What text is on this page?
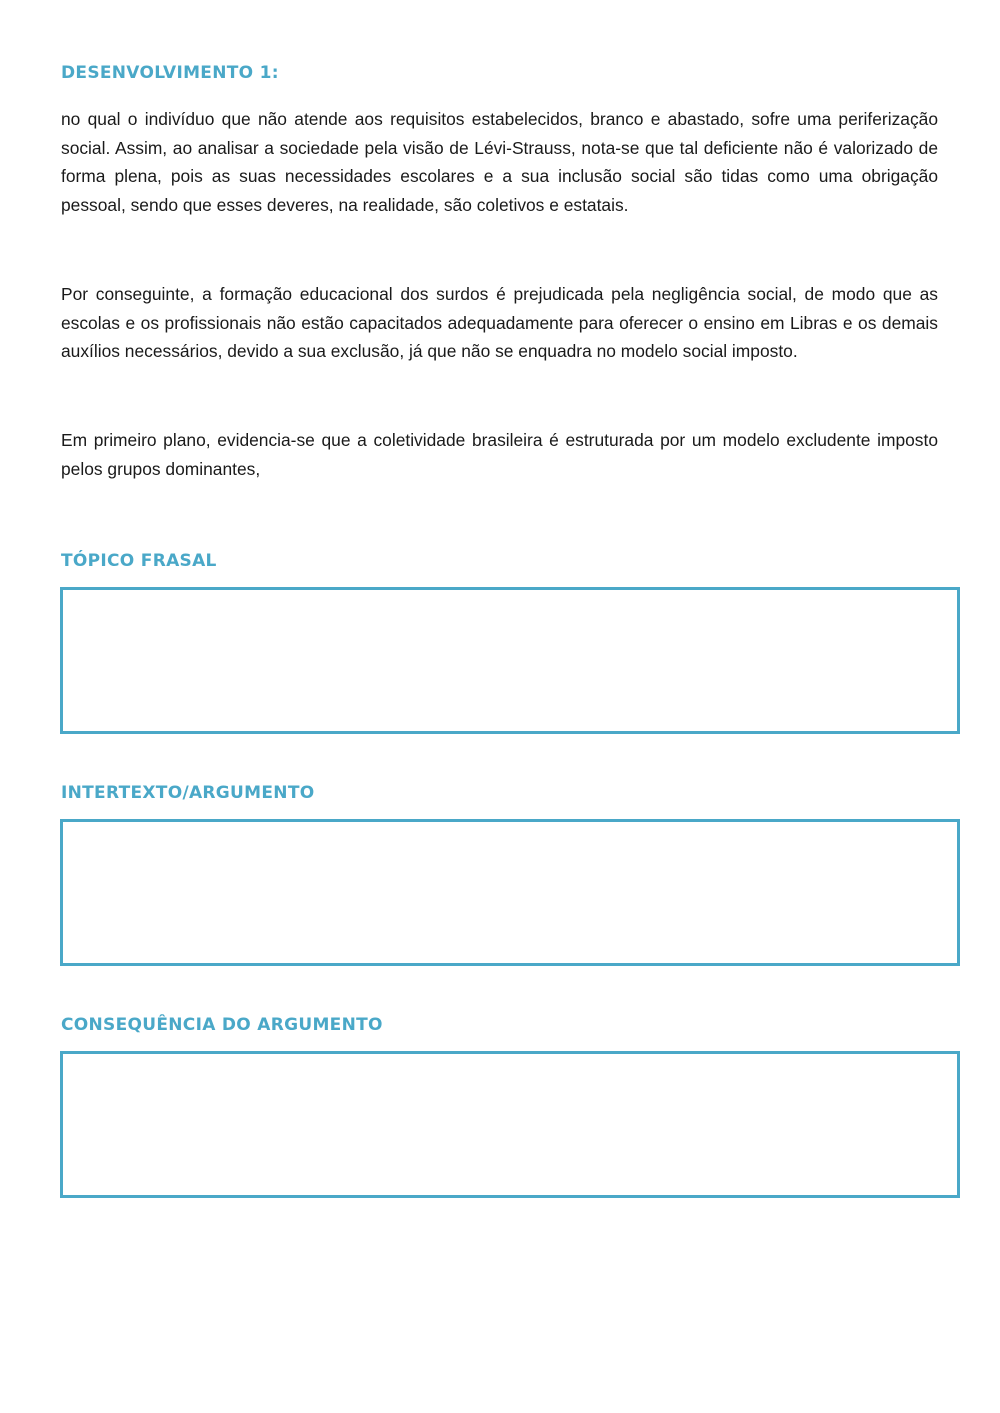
DESENVOLVIMENTO 1:

no qual o indivíduo que não atende aos requisitos estabelecidos, branco e abastado, sofre uma periferização social. Assim, ao analisar a sociedade pela visão de Lévi-Strauss, nota-se que tal deficiente não é valorizado de forma plena, pois as suas necessidades escolares e a sua inclusão social são tidas como uma obrigação pessoal, sendo que esses deveres, na realidade, são coletivos e estatais.

Por conseguinte, a formação educacional dos surdos é prejudicada pela negligência social, de modo que as escolas e os profissionais não estão capacitados adequadamente para oferecer o ensino em Libras e os demais auxílios necessários, devido a sua exclusão, já que não se enquadra no modelo social imposto.

Em primeiro plano, evidencia-se que a coletividade brasileira é estruturada por um modelo excludente imposto pelos grupos dominantes,

TÓPICO FRASAL
INTERTEXTO/ARGUMENTO
CONSEQUÊNCIA DO ARGUMENTO
